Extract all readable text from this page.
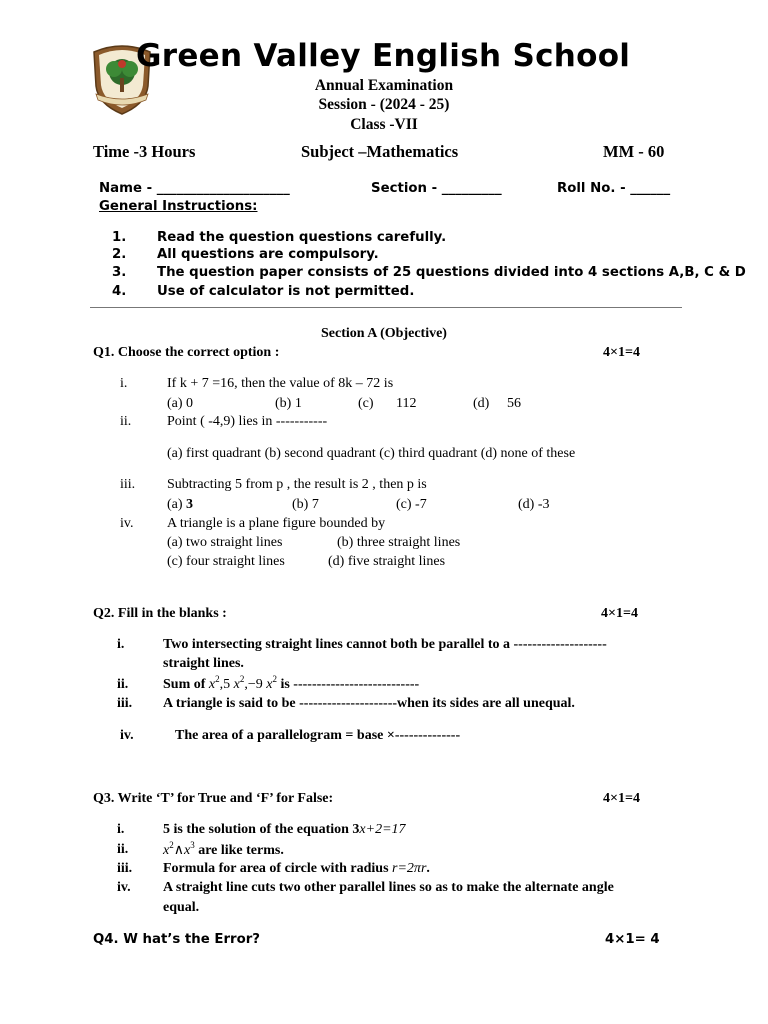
Green Valley English School
Annual Examination
Session - (2024 - 25)
Class -VII
Time -3 Hours	Subject –Mathematics	MM - 60
Name - ____________________	Section - _________	Roll No. - ______
General Instructions:
1. Read the question questions carefully.
2. All questions are compulsory.
3. The question paper consists of 25 questions divided into 4 sections A,B, C & D
4. Use of calculator is not permitted.
Section A (Objective)
Q1. Choose the correct option :	4×1=4
i.	If k + 7 =16, then the value of 8k – 72 is
(a) 0	(b) 1	(c) 112	(d) 56
ii.	Point ( -4,9) lies in -----------
(a) first quadrant (b) second quadrant (c) third quadrant (d) none of these
iii. Subtracting 5 from p , the result is 2 , then p is
(a) 3	(b) 7	(c) -7	(d) -3
iv. A triangle is a plane figure bounded by
(a) two straight lines	(b) three straight lines
(c) four straight lines	(d) five straight lines
Q2. Fill in the blanks :	4×1=4
i.	Two intersecting straight lines cannot both be parallel to a --------------------
straight lines.
ii. Sum of $x^2,5$ $x^2,-9$ $x^2$ is ---------------------------
iii. A triangle is said to be ---------------------when its sides are all unequal.
iv.	The area of a parallelogram = base ×--------------
Q3. Write ‘T’ for True and ‘F’ for False:	4×1=4
i.	5 is the solution of the equation 3x+2=17
ii. $x^2\wedge x^3$ are like terms.
iii. Formula for area of circle with radius r=2πr.
iv. A straight line cuts two other parallel lines so as to make the alternate angle
equal.
Q4. W hat’s the Error?	4×1= 4
